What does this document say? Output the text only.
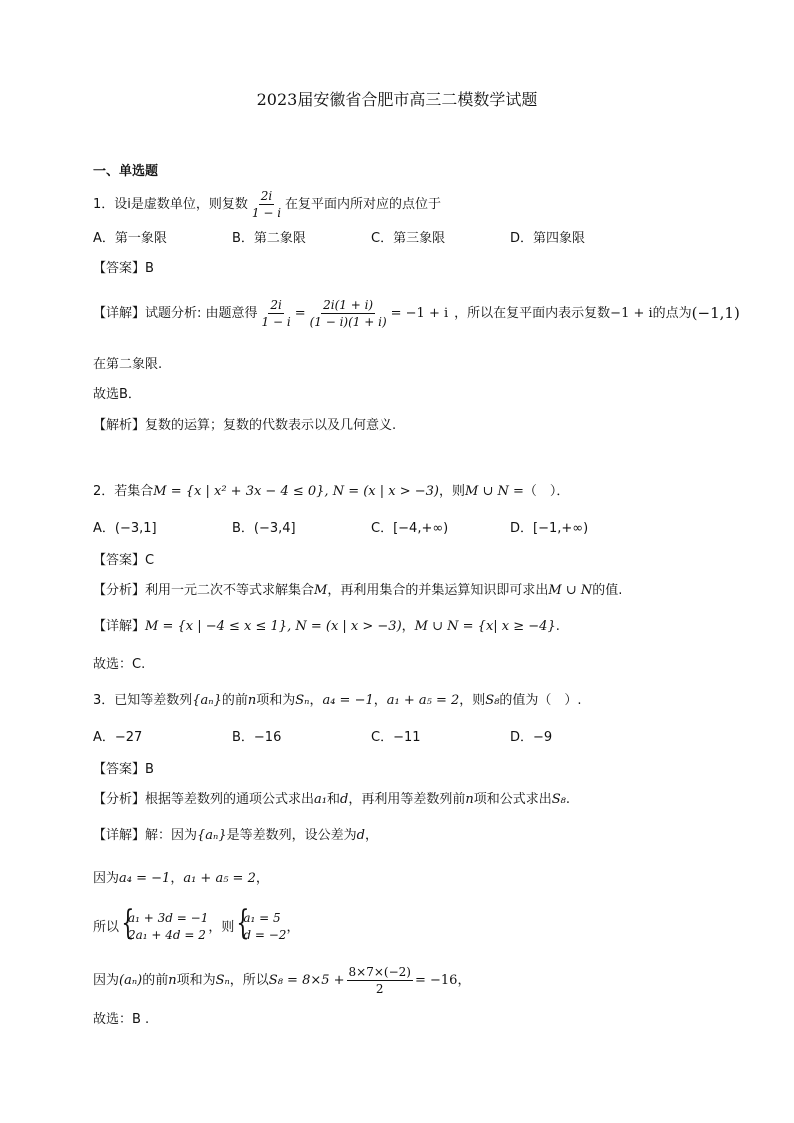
2023届安徽省合肥市高三二模数学试题
一、单选题
1．设i是虚数单位，则复数 $\frac{2i}{1 - i}$ 在复平面内所对应的点位于
A．第一象限	B．第二象限	C．第三象限	D．第四象限
【答案】B
【详解】 试题分析: 由题意得 $\frac{2i}{1 - i} = \frac{2i(1 + i)}{(1 - i)(1 + i)} = -1 + i$ ，所以在复平面内表示复数 −1 + i 的点为 (−1,1)
在第二象限.
故选B．
【解析】复数的运算；复数的代数表示以及几何意义.
2．若集合M = {x | x² + 3x − 4 ≤ 0}, N = (x | x > −3)，则M ∪ N =（　）．
A．(−3,1]	B．(−3,4]	C．[−4,+∞)	D．[−1,+∞)
【答案】C
【分析】利用一元二次不等式求解集合M，再利用集合的并集运算知识即可求出M ∪ N的值.
【详解】M = {x | −4 ≤ x ≤ 1}, N = (x | x > −3)，M ∪ N = {x| x ≥ −4}.
故选：C.
3．已知等差数列{aₙ}的前n项和为Sₙ，a₄ = −1，a₁ + a₅ = 2，则S₈的值为（　）.
A．−27	B．−16	C．−11	D．−9
【答案】B
【分析】根据等差数列的通项公式求出a₁和d，再利用等差数列前n项和公式求出S₈.
【详解】解：因为{aₙ}是等差数列，设公差为d，
因为a₄ = −1，a₁ + a₅ = 2，
所以
{ a₁ + 3d = −1
2a₁ + 4d = 2
，则
{ a₁ = 5
d = −2
，
因为 (aₙ) 的前 n 项和为 Sₙ ，所以 $S_8 = 8\times 5 + \frac{8\times 7\times(-2)}{2} = -16$ ，
故选：B .
